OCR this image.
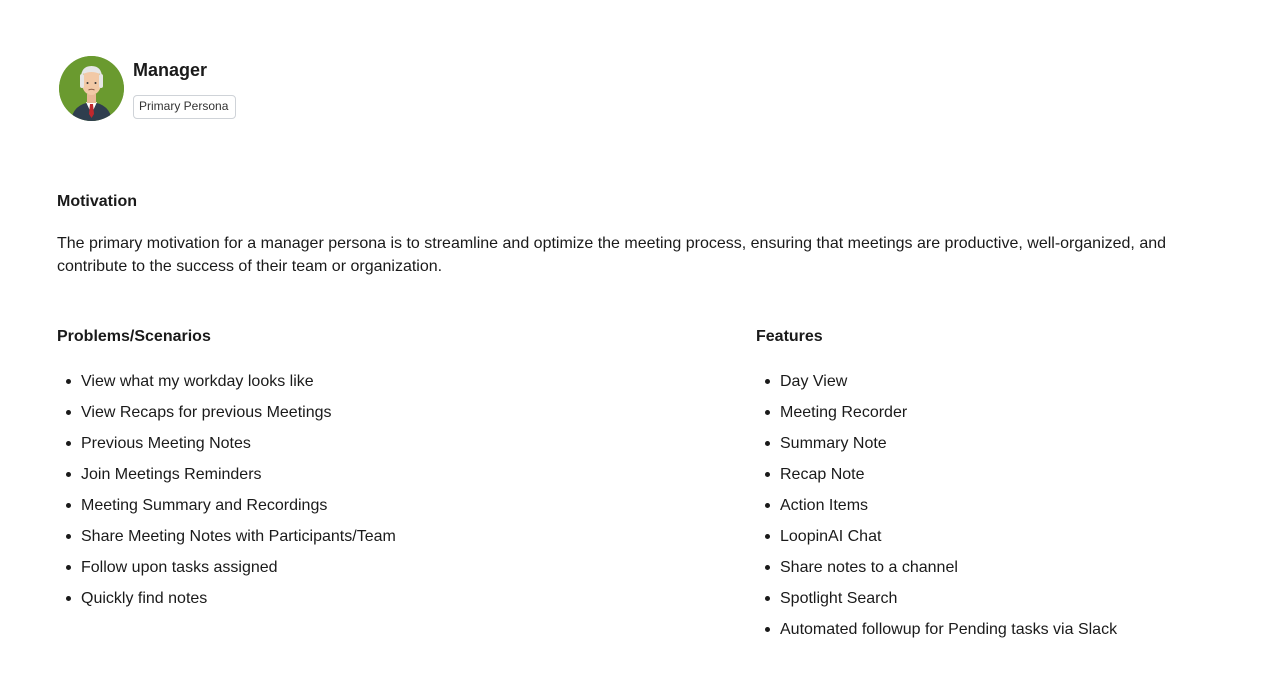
Manager
Primary Persona
Motivation

The primary motivation for a manager persona is to streamline and optimize the meeting process, ensuring that meetings are productive, well-organized, and contribute to the success of their team or organization.

Problems/Scenarios
View what my workday looks like
View Recaps for previous Meetings
Previous Meeting Notes
Join Meetings Reminders
Meeting Summary and Recordings
Share Meeting Notes with Participants/Team
Follow upon tasks assigned
Quickly find notes
Features
Day View
Meeting Recorder
Summary Note
Recap Note
Action Items
LoopinAI Chat
Share notes to a channel
Spotlight Search
Automated followup for Pending tasks via Slack
